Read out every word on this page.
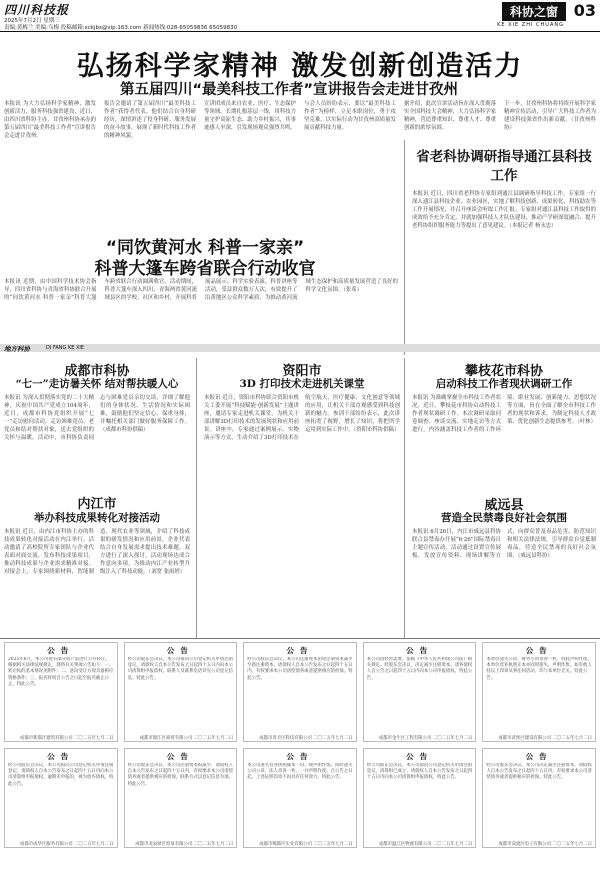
四川科技报
2025年7月2日 星期三
责编:黄梅兰 美编:乌梅 投稿邮箱:xckjbs@vip.163.com 新闻热线:028-65059836 65059830
科协之窗 03
KE XIE ZHI CHUANG
弘扬科学家精神 激发创新创造活力
第五届四川“最美科技工作者”宣讲报告会走进甘孜州
本报讯 为大力弘扬科学家精神，激发创新活力，服务科技强省建设，近日，由四川省科协主办，甘孜州科协承办的第五届四川“最美科技工作者”宣讲报告会走进甘孜州。
报告会邀请了第五届四川“最美科技工作者”获得者代表，他们结合自身科研经历，深情讲述了投身科研、服务发展的奋斗故事，展现了新时代科技工作者的精神风貌。
宣讲团成员来自农业、医疗、生态保护等领域，长期扎根基层一线，用科技力量守护高原生态、助力乡村振兴，其事迹感人至深，引发现场观众强烈共鸣。
与会人员纷纷表示，要以“最美科技工作者”为榜样，立足本职岗位，勇于攻坚克难，以实际行动为甘孜州高质量发展贡献科技力量。
据介绍，此次宣讲活动旨在深入贯彻落实全国科技大会精神，大力弘扬科学家精神，营造尊重知识、尊重人才、尊重创新的浓厚氛围。
下一步，甘孜州科协将持续开展科学家精神宣传活动，引导广大科技工作者为建设科技强省作出新贡献。（甘孜州科协）
省老科协调研指导通江县科技工作
本报讯 近日，四川省老科协专家组到通江县调研指导科技工作。专家组一行深入通江县科技企业、农业园区，实地了解科技创新、成果转化、科技助农等工作开展情况，并召开座谈会听取工作汇报。专家组对通江县科技工作取得的成效给予充分肯定，并就加强科技人才队伍建设、推动产学研深度融合、提升老科协组织服务能力等提出了意见建议。（本报记者 杨永忠）
“同饮黄河水 科普一家亲”
科普大篷车跨省联合行动收官
本报讯 近期，由中国科学技术协会指导，四川省科协与青海省科协联合开展的“同饮黄河水 科普一家亲”科普大篷车跨省联合行动圆满收官。活动期间，科普大篷车深入四川、青海两省黄河流域县区的学校、社区和乡村，开展科普展品展示、科学实验表演、科普讲座等活动，受益群众数万人次，有效提升了沿黄地区公众科学素质，为推动黄河流域生态保护和高质量发展营造了良好的科学文化氛围。（张希）
地方科协	DI FANG KE XIE
成都市科协
“七一”走访暑关怀 结对帮扶暖人心
本报讯 为深入贯彻落实党的二十大精神，庆祝中国共产党成立104周年，近日，成都市科协党组织开展“七一”走访慰问活动，走访困难党员、老党员和结对帮扶对象，送去党组织的关怀与温暖。活动中，市科协负责同志与困难党员亲切交谈，详细了解他们的身体状况、生活情况和实际困难，鼓励他们坚定信心、保重身体，并嘱托相关部门做好服务保障工作。（成都市科协供稿）
内江市
举办科技成果转化对接活动
本报讯 近日，由内江市科协主办的科技成果转化对接活动在内江举行。活动邀请了高校院所专家团队与企业代表面对面交流，发布科技成果项目，推动科技成果与企业需求精准对接。对接会上，专家围绕新材料、智能制造、现代农业等领域，介绍了科技成果的研发情况和应用前景，企业代表结合自身发展需求提出技术难题，双方进行了深入探讨。活动现场达成合作意向多项，为推动内江产业转型升级注入了科技动能。（刘宽 张雨婷）
资阳市
3D 打印技术走进机关课堂
本报讯 近日，资阳市科协联合资阳市机关工委开展“科技赋能·创新发展”主题讲座，邀请专家走进机关课堂，为机关干部讲解3D打印技术的发展现状和应用前景。讲座中，专家通过案例展示、实物演示等方式，生动介绍了3D打印技术在航空航天、医疗健康、文化创意等领域的应用，让机关干部直观感受到科技创新的魅力。参训干部纷纷表示，此次讲座拓宽了视野，增长了知识，将把所学运用到实际工作中。（资阳市科协供稿）
攀枝花市科协
启动科技工作者现状调研工作
本报讯 为准确掌握全市科技工作者状况，近日，攀枝花市科协启动科技工作者现状调研工作。本次调研采取问卷调查、座谈交流、实地走访等方式进行，内容涵盖科技工作者的工作环境、职业发展、创新能力、思想状况等方面，旨在全面了解全市科技工作者的现状和诉求，为制定科技人才政策、优化创新生态提供参考。（叶林）
威远县
营造全民禁毒良好社会氛围
本报讯 6月26日，内江市威远县科协联合县禁毒办开展“6·26”国际禁毒日主题宣传活动。活动通过设置宣传展板、发放宣传资料、现场讲解等方式，向群众普及毒品危害、防范知识和相关法律法规，引导群众自觉抵制毒品，营造全民禁毒的良好社会氛围。（威远县科协）
公告
2025年6月，本公司现有部分资产需进行公开转让，根据相关法律法规规定，现将有关事项公告如下：一、转让标的基本情况见附件；二、意向受让方须具备相应资格条件；三、报名时间自公告之日起至报名截止日止。特此公告。
成都市新都区建筑有限公司 二〇二五年七月二日
公告
经公司股东会决议，本公司拟向公司登记机关申请注销登记，请债权人自本公告发布之日起四十五日内向本公司清算组申报债权。联系人及联系电话详见公司登记信息。特此公告。
成都市锦江区商贸有限公司 二〇二五年七月二日
公告
经公司股东会决议，本公司注册资本由原注册资本减少至新注册资本，请债权人自本公告发布之日起四十五日内，有权要求本公司清偿债务或者提供相应的担保。特此公告。
成都市青羊区科技有限公司 二〇二五年七月二日
公告
本公司因经营需要，依据《中华人民共和国公司法》相关规定，经股东会决议，决定减少注册资本。请各债权人自公告之日起四十五日内向本公司申报债权。特此公告。
成都市金牛区工程有限公司 二〇二五年七月二日
公告
本单位遗失公章、财务专用章各一枚，特此声明作废。本单位营业执照正本亦同时遗失，声明作废。如有他人持以上印章从事任何活动，均与本单位无关。特此公告。
成都市武侯区建设有限公司 二〇二五年七月二日
公告
经公司股东会决议，本公司拟向公司登记机关申请注销登记，请债权人自本公告发布之日起四十五日内向本公司清算组申报债权。逾期未申报的，视为放弃债权。特此公告。
成都市成华区服务有限公司 二〇二五年七月二日
公告
经公司股东会决议，本公司注册资本拟减少，请债权人自本公告发布之日起四十五日内，有权要求本公司清偿债务或者提供相应的担保。联系方式以登记信息为准。特此公告。
成都市龙泉驿区贸易有限公司 二〇二五年七月二日
公告
本公司遗失营业执照副本一份，现声明作废。同时遗失公司公章、法人章各一枚，一并声明作废。自公告之日起，上述证照印章不再具有任何效力。特此公告。
成都市郫都区实业有限公司 二〇二五年七月二日
公告
经公司股东会决议，本公司拟向公司登记机关申请注销登记，清算组已成立，请债权人自本公告发布之日起四十五日内向本公司清算组申报债权。特此公告。
成都市温江区物流有限公司 二〇二五年七月二日
公告
经公司股东会决议，本公司决定减少注册资本，请债权人自本公告发布之日起四十五日内，有权要求本公司清偿债务或者提供相应的担保。特此公告。
成都市双流区电子有限公司 二〇二五年七月二日
